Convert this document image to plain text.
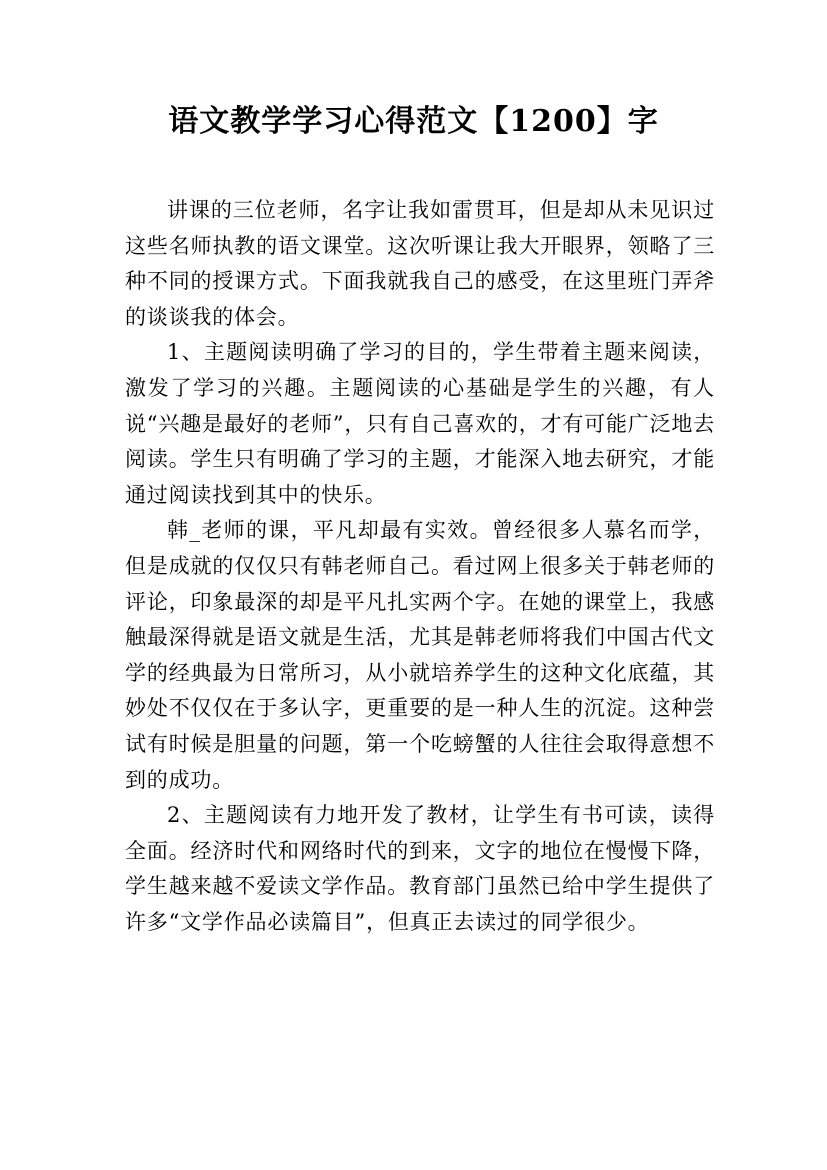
语文教学学习心得范文【1200】字

讲课的三位老师，名字让我如雷贯耳，但是却从未见识过这些名师执教的语文课堂。这次听课让我大开眼界，领略了三种不同的授课方式。下面我就我自己的感受，在这里班门弄斧的谈谈我的体会。

1、主题阅读明确了学习的目的，学生带着主题来阅读，激发了学习的兴趣。主题阅读的心基础是学生的兴趣，有人说“兴趣是最好的老师”，只有自己喜欢的，才有可能广泛地去阅读。学生只有明确了学习的主题，才能深入地去研究，才能通过阅读找到其中的快乐。

韩_老师的课，平凡却最有实效。曾经很多人慕名而学，但是成就的仅仅只有韩老师自己。看过网上很多关于韩老师的评论，印象最深的却是平凡扎实两个字。在她的课堂上，我感触最深得就是语文就是生活，尤其是韩老师将我们中国古代文学的经典最为日常所习，从小就培养学生的这种文化底蕴，其妙处不仅仅在于多认字，更重要的是一种人生的沉淀。这种尝试有时候是胆量的问题，第一个吃螃蟹的人往往会取得意想不到的成功。

2、主题阅读有力地开发了教材，让学生有书可读，读得全面。经济时代和网络时代的到来，文字的地位在慢慢下降，学生越来越不爱读文学作品。教育部门虽然已给中学生提供了许多“文学作品必读篇目”，但真正去读过的同学很少。
